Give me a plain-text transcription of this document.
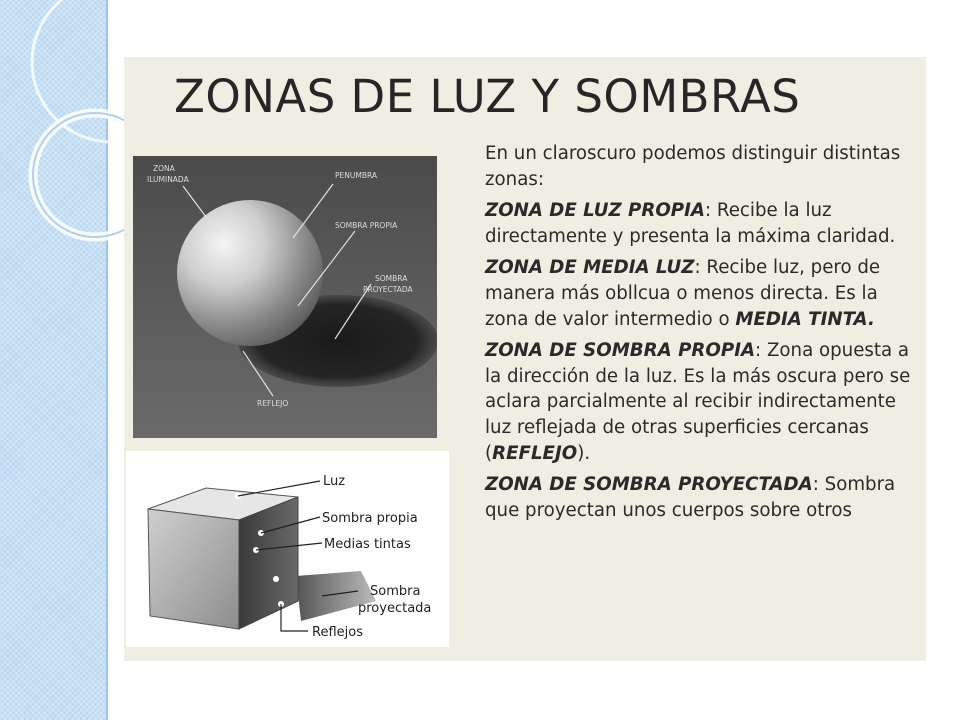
ZONAS DE LUZ Y SOMBRAS
ZONA
ILUMINADA	PENUMBRA
SOMBRA PROPIA
SOMBRA
PROYECTADA
REFLEJO
Luz
Sombra propia
Medias tintas
Sombra
proyectada
Reflejos

En un claroscuro podemos distinguir distintas zonas:

ZONA DE LUZ PROPIA: Recibe la luz directamente y presenta la máxima claridad.

ZONA DE MEDIA LUZ: Recibe luz, pero de manera más obllcua o menos directa. Es la zona de valor intermedio o MEDIA TINTA.

ZONA DE SOMBRA PROPIA: Zona opuesta a la dirección de la luz. Es la más oscura pero se aclara parcialmente al recibir indirectamente luz reflejada de otras superficies cercanas (REFLEJO).

ZONA DE SOMBRA PROYECTADA: Sombra que proyectan unos cuerpos sobre otros
